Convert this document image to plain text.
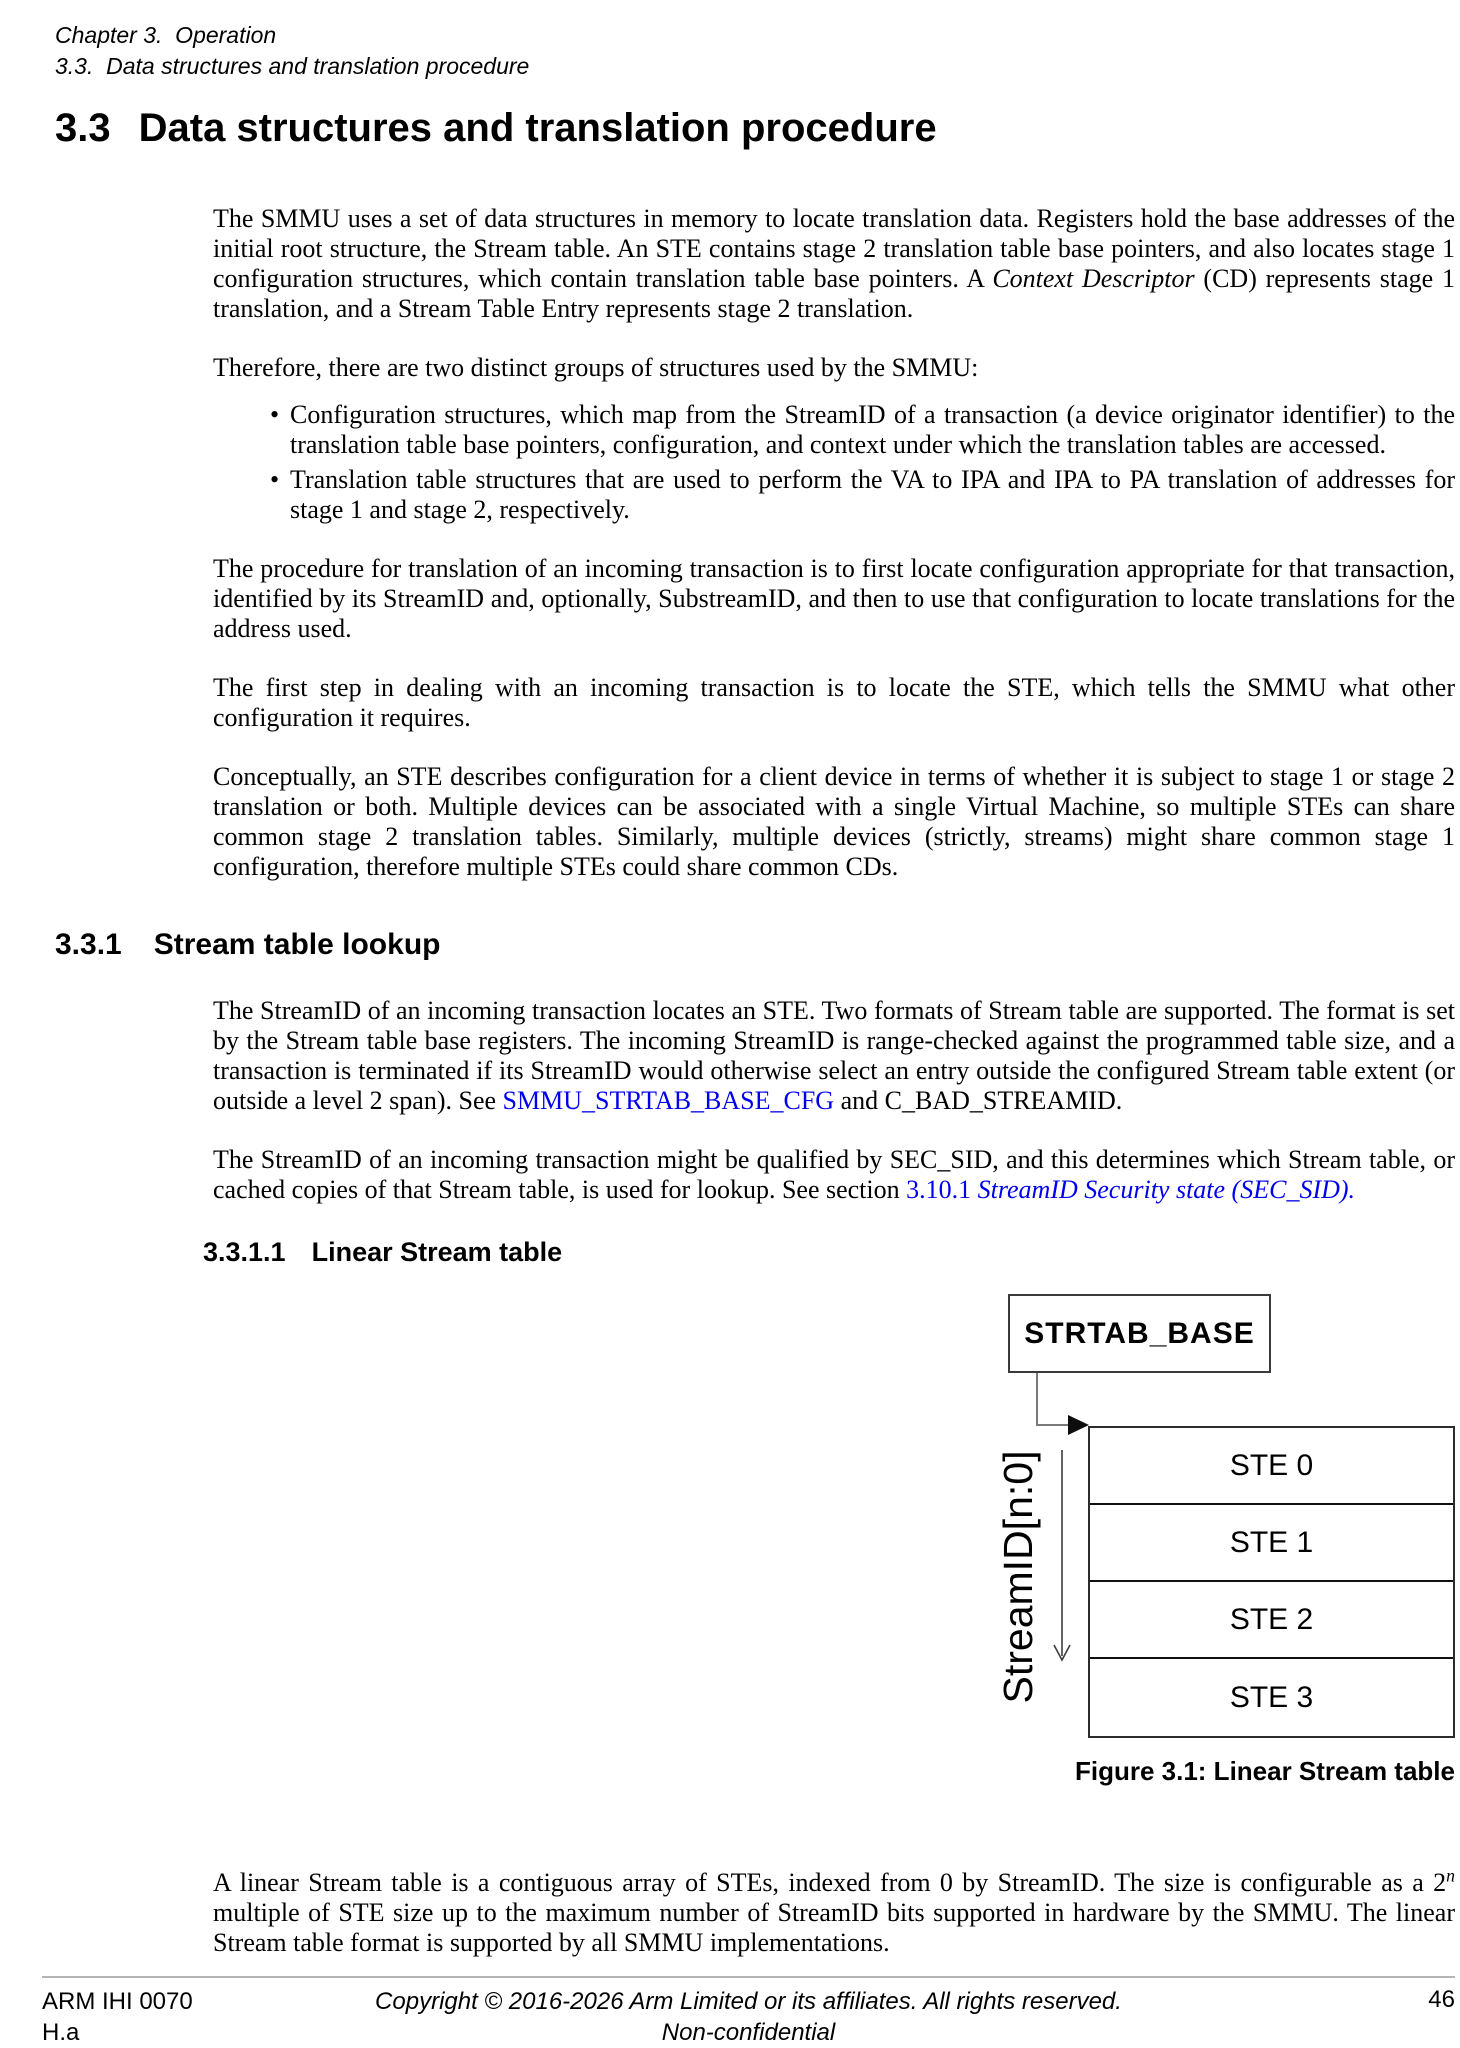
Chapter 3.  Operation
3.3.  Data structures and translation procedure
3.3 Data structures and translation procedure

The SMMU uses a set of data structures in memory to locate translation data. Registers hold the base addresses of the initial root structure, the Stream table. An STE contains stage 2 translation table base pointers, and also locates stage 1 configuration structures, which contain translation table base pointers. A Context Descriptor (CD) represents stage 1 translation, and a Stream Table Entry represents stage 2 translation.

Therefore, there are two distinct groups of structures used by the SMMU:

• Configuration structures, which map from the StreamID of a transaction (a device originator identifier) to the translation table base pointers, configuration, and context under which the translation tables are accessed.
• Translation table structures that are used to perform the VA to IPA and IPA to PA translation of addresses for stage 1 and stage 2, respectively.

The procedure for translation of an incoming transaction is to first locate configuration appropriate for that transaction, identified by its StreamID and, optionally, SubstreamID, and then to use that configuration to locate translations for the address used.

The first step in dealing with an incoming transaction is to locate the STE, which tells the SMMU what other configuration it requires.

Conceptually, an STE describes configuration for a client device in terms of whether it is subject to stage 1 or stage 2 translation or both. Multiple devices can be associated with a single Virtual Machine, so multiple STEs can share common stage 2 translation tables. Similarly, multiple devices (strictly, streams) might share common stage 1 configuration, therefore multiple STEs could share common CDs.

3.3.1 Stream table lookup

The StreamID of an incoming transaction locates an STE. Two formats of Stream table are supported. The format is set by the Stream table base registers. The incoming StreamID is range-checked against the programmed table size, and a transaction is terminated if its StreamID would otherwise select an entry outside the configured Stream table extent (or outside a level 2 span). See SMMU_STRTAB_BASE_CFG and C_BAD_STREAMID.

The StreamID of an incoming transaction might be qualified by SEC_SID, and this determines which Stream table, or cached copies of that Stream table, is used for lookup. See section 3.10.1 StreamID Security state (SEC_SID).

3.3.1.1 Linear Stream table
STRTAB_BASE
STE 0
STE 1
STE 2
STE 3
StreamID[n:0]
Figure 3.1: Linear Stream table

A linear Stream table is a contiguous array of STEs, indexed from 0 by StreamID. The size is configurable as a 2$^n$ multiple of STE size up to the maximum number of StreamID bits supported in hardware by the SMMU. The linear Stream table format is supported by all SMMU implementations.

ARM IHI 0070
H.a
Copyright © 2016-2026 Arm Limited or its affiliates. All rights reserved.
Non-confidential
46
